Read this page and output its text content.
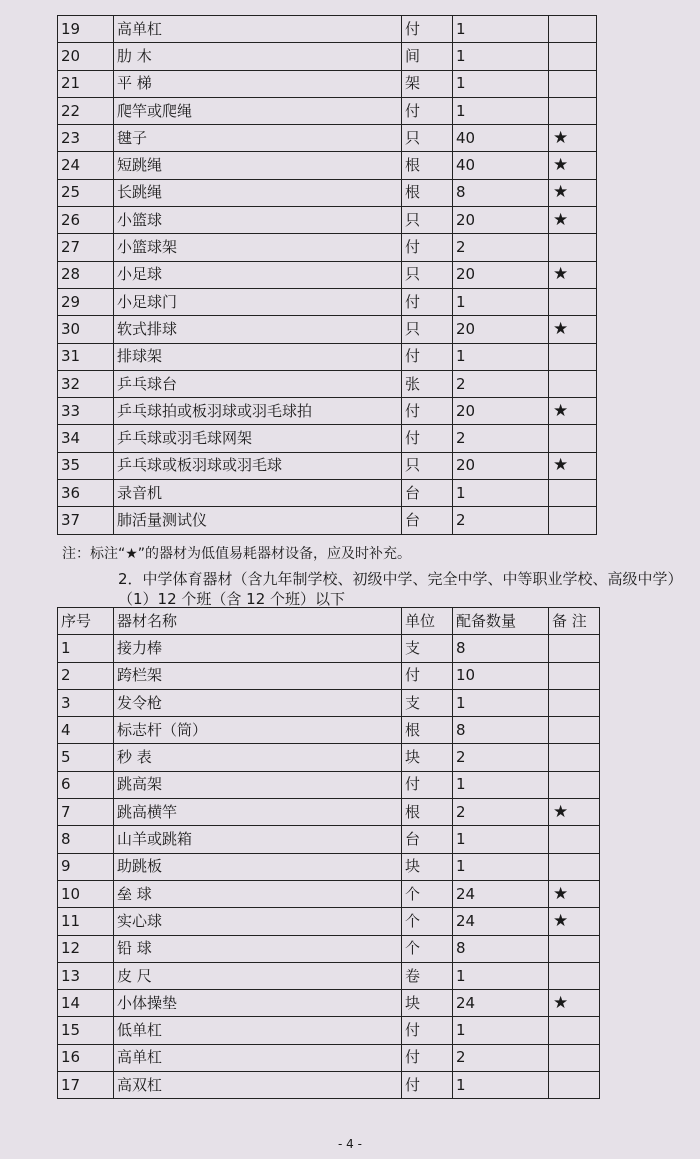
19	高单杠	付	1	
20	肋 木	间	1	
21	平 梯	架	1	
22	爬竿或爬绳	付	1	
23	毽子	只	40	★
24	短跳绳	根	40	★
25	长跳绳	根	8	★
26	小篮球	只	20	★
27	小篮球架	付	2	
28	小足球	只	20	★
29	小足球门	付	1	
30	软式排球	只	20	★
31	排球架	付	1	
32	乒乓球台	张	2	
33	乒乓球拍或板羽球或羽毛球拍	付	20	★
34	乒乓球或羽毛球网架	付	2	
35	乒乓球或板羽球或羽毛球	只	20	★
36	录音机	台	1	
37	肺活量测试仪	台	2	
注：标注“★”的器材为低值易耗器材设备，应及时补充。
2．中学体育器材（含九年制学校、初级中学、完全中学、中等职业学校、高级中学）
（1）12 个班（含 12 个班）以下
序号	器材名称	单位	配备数量	备 注
1	接力棒	支	8	
2	跨栏架	付	10	
3	发令枪	支	1	
4	标志杆（筒）	根	8	
5	秒 表	块	2	
6	跳高架	付	1	
7	跳高横竿	根	2	★
8	山羊或跳箱	台	1	
9	助跳板	块	1	
10	垒 球	个	24	★
11	实心球	个	24	★
12	铅 球	个	8	
13	皮 尺	卷	1	
14	小体操垫	块	24	★
15	低单杠	付	1	
16	高单杠	付	2	
17	高双杠	付	1	
- 4 -
